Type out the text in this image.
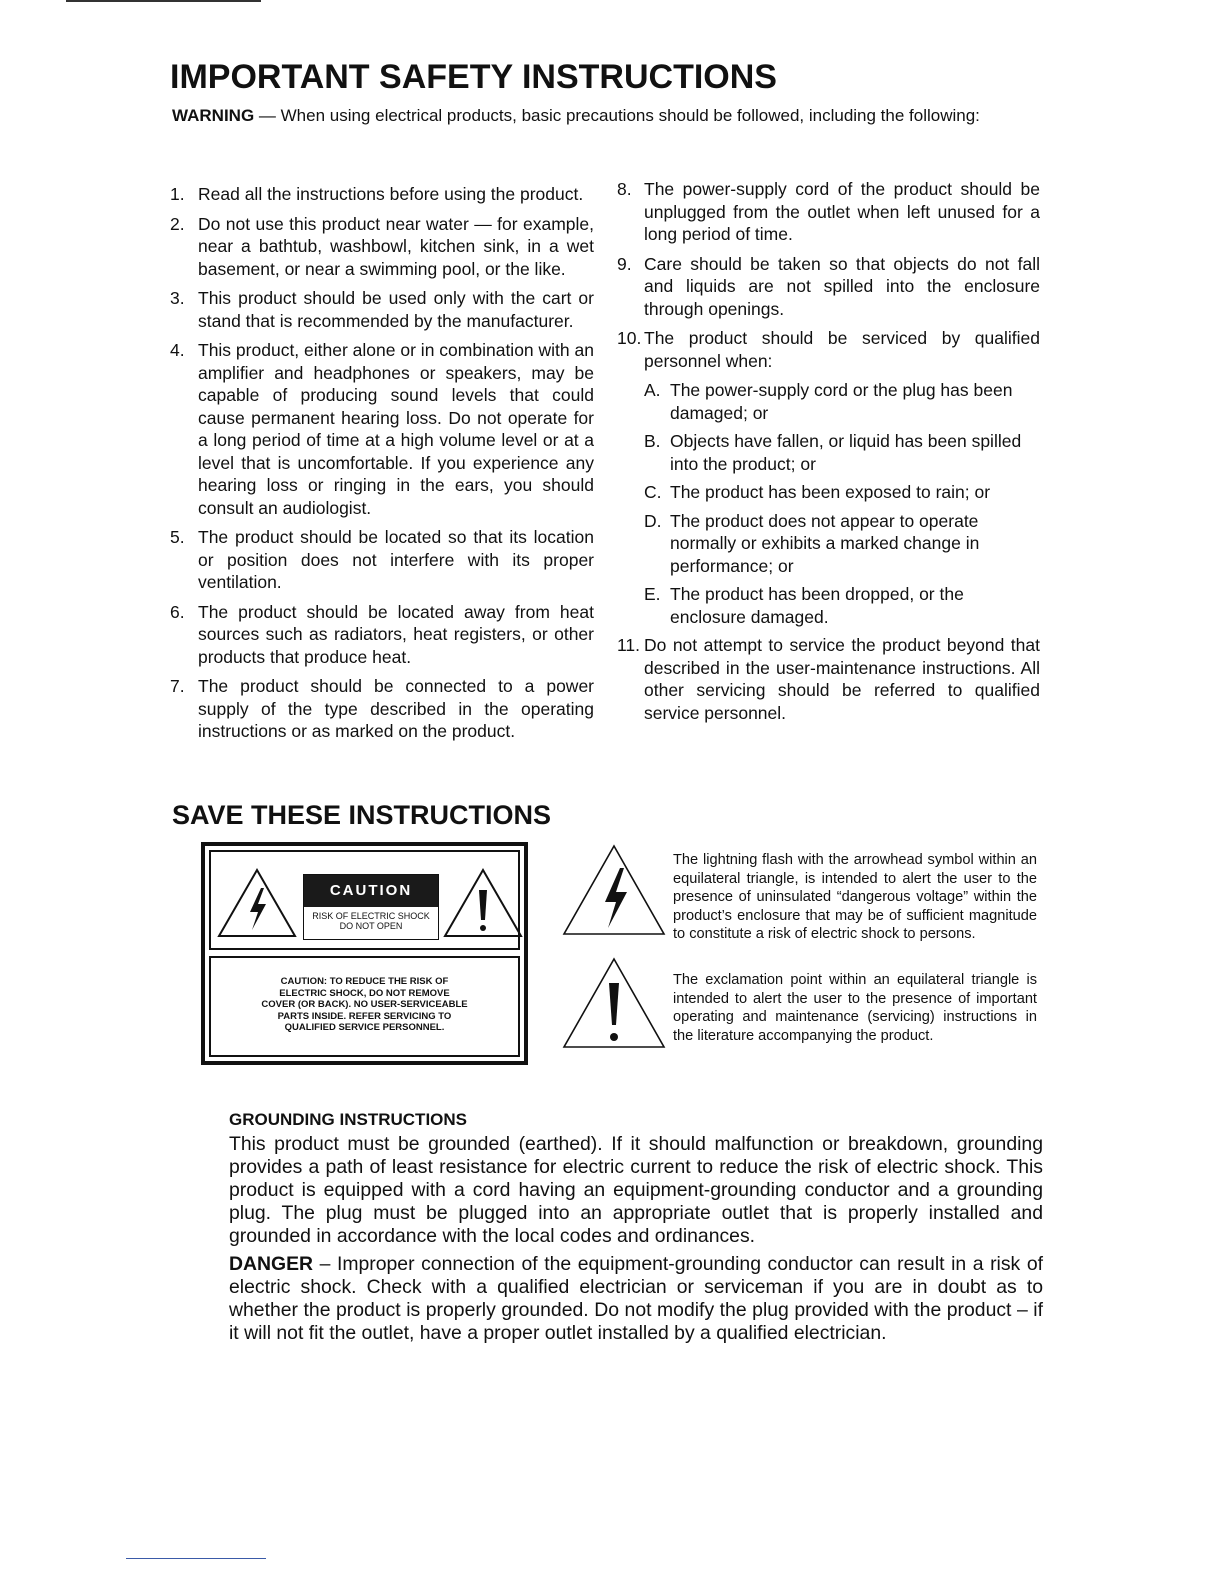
IMPORTANT SAFETY INSTRUCTIONS
WARNING — When using electrical products, basic precautions should be followed, including the following:
1. Read all the instructions before using the product.
2. Do not use this product near water — for example, near a bathtub, washbowl, kitchen sink, in a wet basement, or near a swimming pool, or the like.
3. This product should be used only with the cart or stand that is recommended by the manufacturer.
4. This product, either alone or in combination with an amplifier and headphones or speakers, may be capable of producing sound levels that could cause permanent hearing loss. Do not operate for a long period of time at a high volume level or at a level that is uncomfortable. If you experience any hearing loss or ringing in the ears, you should consult an audiologist.
5. The product should be located so that its location or position does not interfere with its proper ventilation.
6. The product should be located away from heat sources such as radiators, heat registers, or other products that produce heat.
7. The product should be connected to a power supply of the type described in the operating instructions or as marked on the product.
8. The power-supply cord of the product should be unplugged from the outlet when left unused for a long period of time.
9. Care should be taken so that objects do not fall and liquids are not spilled into the enclosure through openings.
10. The product should be serviced by qualified personnel when:
A. The power-supply cord or the plug has been damaged; or
B. Objects have fallen, or liquid has been spilled into the product; or
C. The product has been exposed to rain; or
D. The product does not appear to operate normally or exhibits a marked change in performance; or
E. The product has been dropped, or the enclosure damaged.
11. Do not attempt to service the product beyond that described in the user-maintenance instructions. All other servicing should be referred to qualified service personnel.
SAVE THESE INSTRUCTIONS
CAUTION
RISK OF ELECTRIC SHOCK
DO NOT OPEN
CAUTION: TO REDUCE THE RISK OF
ELECTRIC SHOCK, DO NOT REMOVE
COVER (OR BACK). NO USER-SERVICEABLE
PARTS INSIDE. REFER SERVICING TO
QUALIFIED SERVICE PERSONNEL.
The lightning flash with the arrowhead symbol within an equilateral triangle, is intended to alert the user to the presence of uninsulated “dangerous voltage” within the product’s enclosure that may be of sufficient magnitude to constitute a risk of electric shock to persons.
The exclamation point within an equilateral triangle is intended to alert the user to the presence of important operating and maintenance (servicing) instructions in the literature accompanying the product.
GROUNDING INSTRUCTIONS
This product must be grounded (earthed). If it should malfunction or breakdown, grounding provides a path of least resistance for electric current to reduce the risk of electric shock. This product is equipped with a cord having an equipment-grounding conductor and a grounding plug. The plug must be plugged into an appropriate outlet that is properly installed and grounded in accordance with the local codes and ordinances.
DANGER – Improper connection of the equipment-grounding conductor can result in a risk of electric shock. Check with a qualified electrician or serviceman if you are in doubt as to whether the product is properly grounded. Do not modify the plug provided with the product – if it will not fit the outlet, have a proper outlet installed by a qualified electrician.
